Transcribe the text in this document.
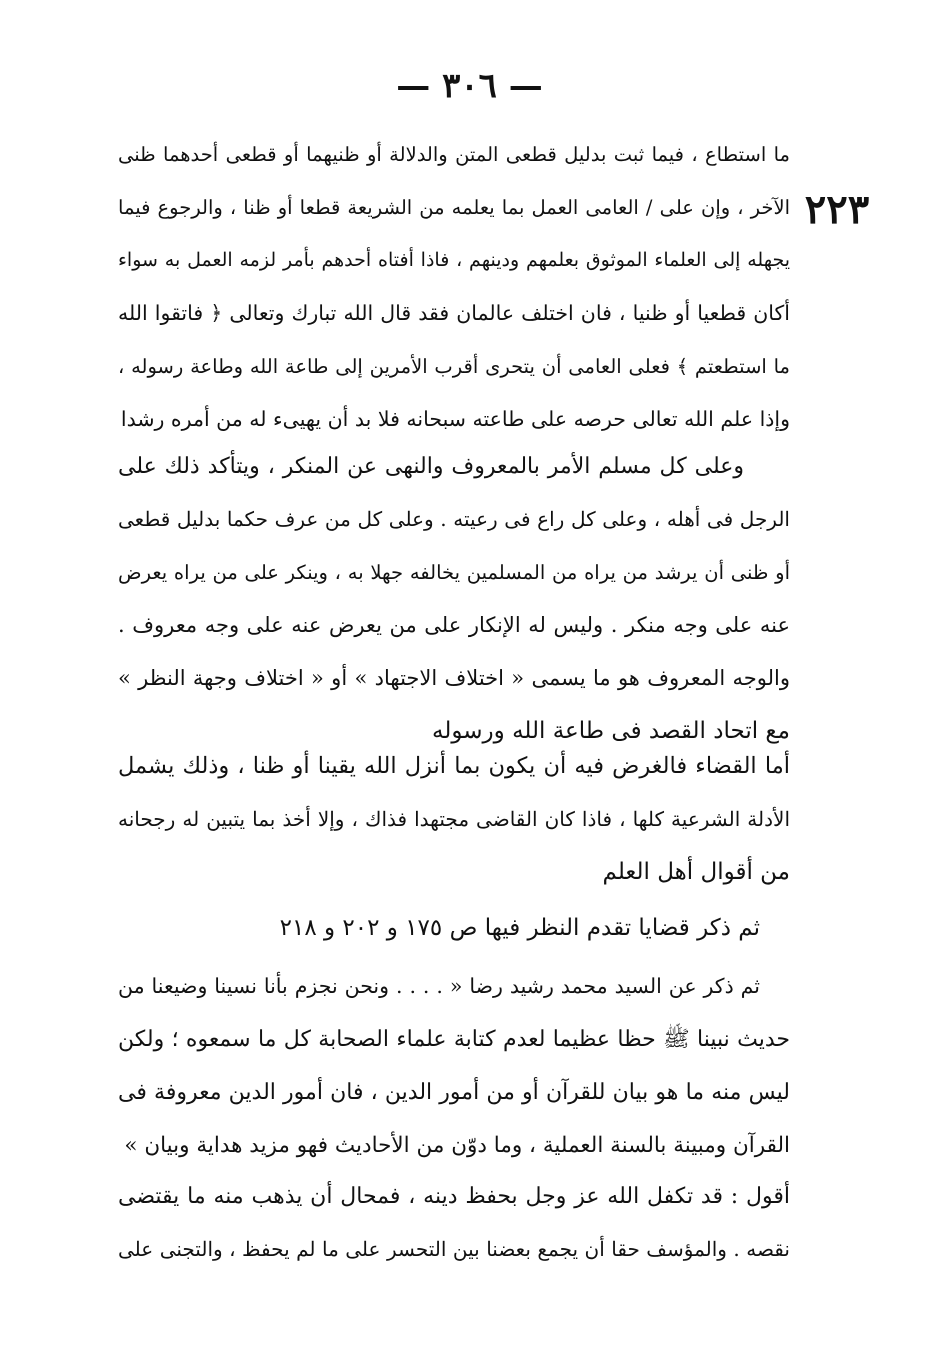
— ٣٠٦ —
٢٢٣
ما استطاع ، فيما ثبت بدليل قطعى المتن والدلالة أو ظنيهما أو قطعى أحدهما ظنى
الآخر ، وإن على / العامى العمل بما يعلمه من الشريعة قطعا أو ظنا ، والرجوع فيما
يجهله إلى العلماء الموثوق بعلمهم ودينهم ، فاذا أفتاه أحدهم بأمر لزمه العمل به سواء
أكان قطعيا أو ظنيا ، فان اختلف عالمان فقد قال الله تبارك وتعالى ﴿ فاتقوا الله
ما استطعتم ﴾ فعلى العامى أن يتحرى أقرب الأمرين إلى طاعة الله وطاعة رسوله ،
وإذا علم الله تعالى حرصه على طاعته سبحانه فلا بد أن يهيىء له من أمره رشدا
وعلى كل مسلم الأمر بالمعروف والنهى عن المنكر ، ويتأكد ذلك على
الرجل فى أهله ، وعلى كل راع فى رعيته . وعلى كل من عرف حكما بدليل قطعى
أو ظنى أن يرشد من يراه من المسلمين يخالفه جهلا به ، وينكر على من يراه يعرض
عنه على وجه منكر . وليس له الإنكار على من يعرض عنه على وجه معروف .
والوجه المعروف هو ما يسمى « اختلاف الاجتهاد » أو « اختلاف وجهة النظر »
مع اتحاد القصد فى طاعة الله ورسوله
أما القضاء فالغرض فيه أن يكون بما أنزل الله يقينا أو ظنا ، وذلك يشمل
الأدلة الشرعية كلها ، فاذا كان القاضى مجتهدا فذاك ، وإلا أخذ بما يتبين له رجحانه
من أقوال أهل العلم
ثم ذكر قضايا تقدم النظر فيها ص ١٧٥ و ٢٠٢ و ٢١٨
ثم ذكر عن السيد محمد رشيد رضا « . . . . ونحن نجزم بأنا نسينا وضيعنا من
حديث نبينا ﷺ حظا عظيما لعدم كتابة علماء الصحابة كل ما سمعوه ؛ ولكن
ليس منه ما هو بيان للقرآن أو من أمور الدين ، فان أمور الدين معروفة فى
القرآن ومبينة بالسنة العملية ، وما دوّن من الأحاديث فهو مزيد هداية وبيان »
أقول : قد تكفل الله عز وجل بحفظ دينه ، فمحال أن يذهب منه ما يقتضى
نقصه . والمؤسف حقا أن يجمع بعضنا بين التحسر على ما لم يحفظ ، والتجنى على
